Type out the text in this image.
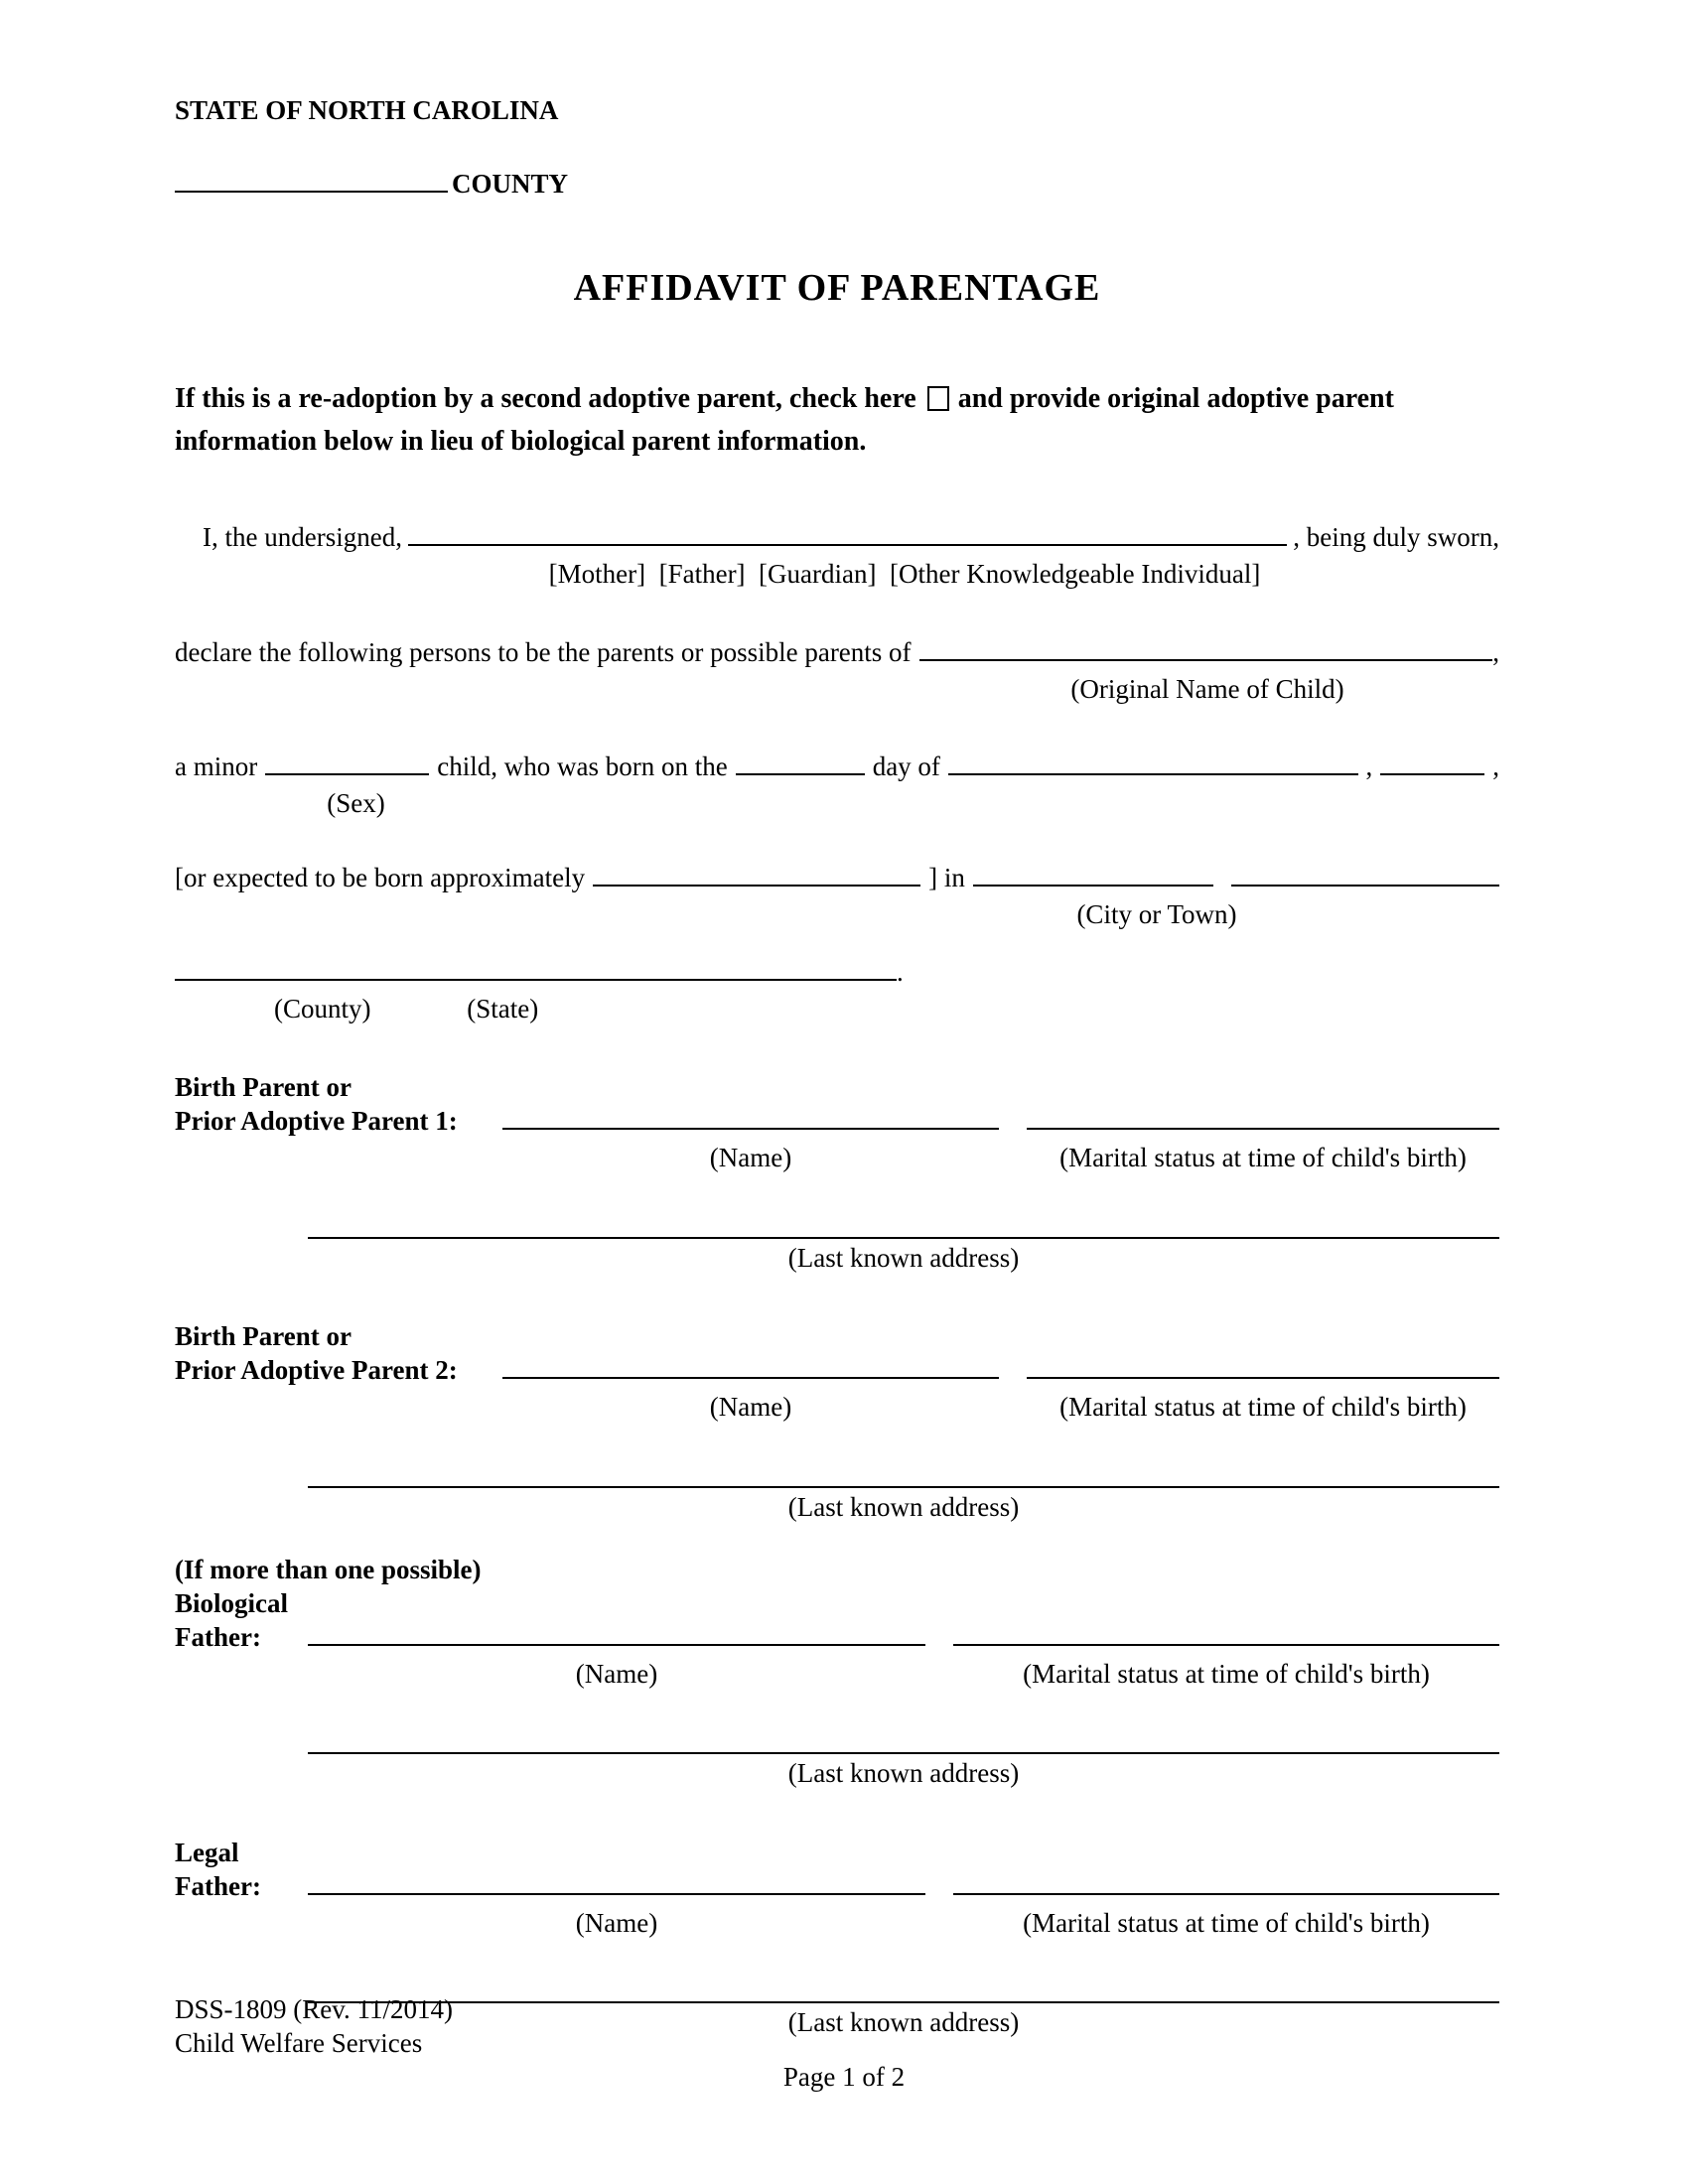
STATE OF NORTH CAROLINA
COUNTY
AFFIDAVIT OF PARENTAGE
If this is a re-adoption by a second adoptive parent, check here and provide original adoptive parent information below in lieu of biological parent information.
I, the undersigned,	, being duly sworn,
[Mother]  [Father]  [Guardian]  [Other Knowledgeable Individual]
declare the following persons to be the parents or possible parents of	,
(Original Name of Child)
a minor	child, who was born on the	day of	,	,
(Sex)
[or expected to be born approximately	] in
(City or Town)
.
(County)	(State)
Birth Parent or
Prior Adoptive Parent 1:
(Name)	(Marital status at time of child's birth)
(Last known address)
Birth Parent or
Prior Adoptive Parent 2:
(Name)	(Marital status at time of child's birth)
(Last known address)
(If more than one possible)
Biological
Father:
(Name)	(Marital status at time of child's birth)
(Last known address)
Legal
Father:
(Name)	(Marital status at time of child's birth)
(Last known address)
DSS-1809 (Rev. 11/2014)
Child Welfare Services
Page 1 of 2
